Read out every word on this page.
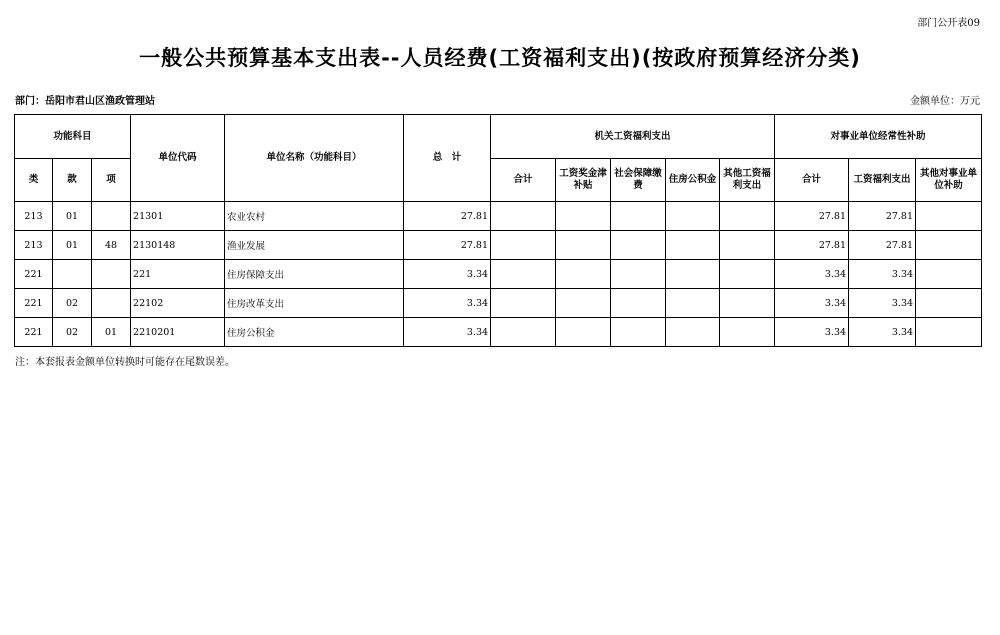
部门公开表09
一般公共预算基本支出表--人员经费(工资福利支出)(按政府预算经济分类)
部门：岳阳市君山区渔政管理站	金额单位：万元
功能科目			单位代码	单位名称（功能科目）	总　计	机关工资福利支出					对事业单位经常性补助		
类	款	项				合计	工资奖金津补贴	社会保障缴费	住房公积金	其他工资福利支出	合计	工资福利支出	其他对事业单位补助
213	01		21301	农业农村	27.81						27.81	27.81	
213	01	48	2130148	渔业发展	27.81						27.81	27.81	
221			221	住房保障支出	3.34						3.34	3.34	
221	02		22102	住房改革支出	3.34						3.34	3.34	
221	02	01	2210201	住房公积金	3.34						3.34	3.34	
注：本套报表金额单位转换时可能存在尾数误差。
